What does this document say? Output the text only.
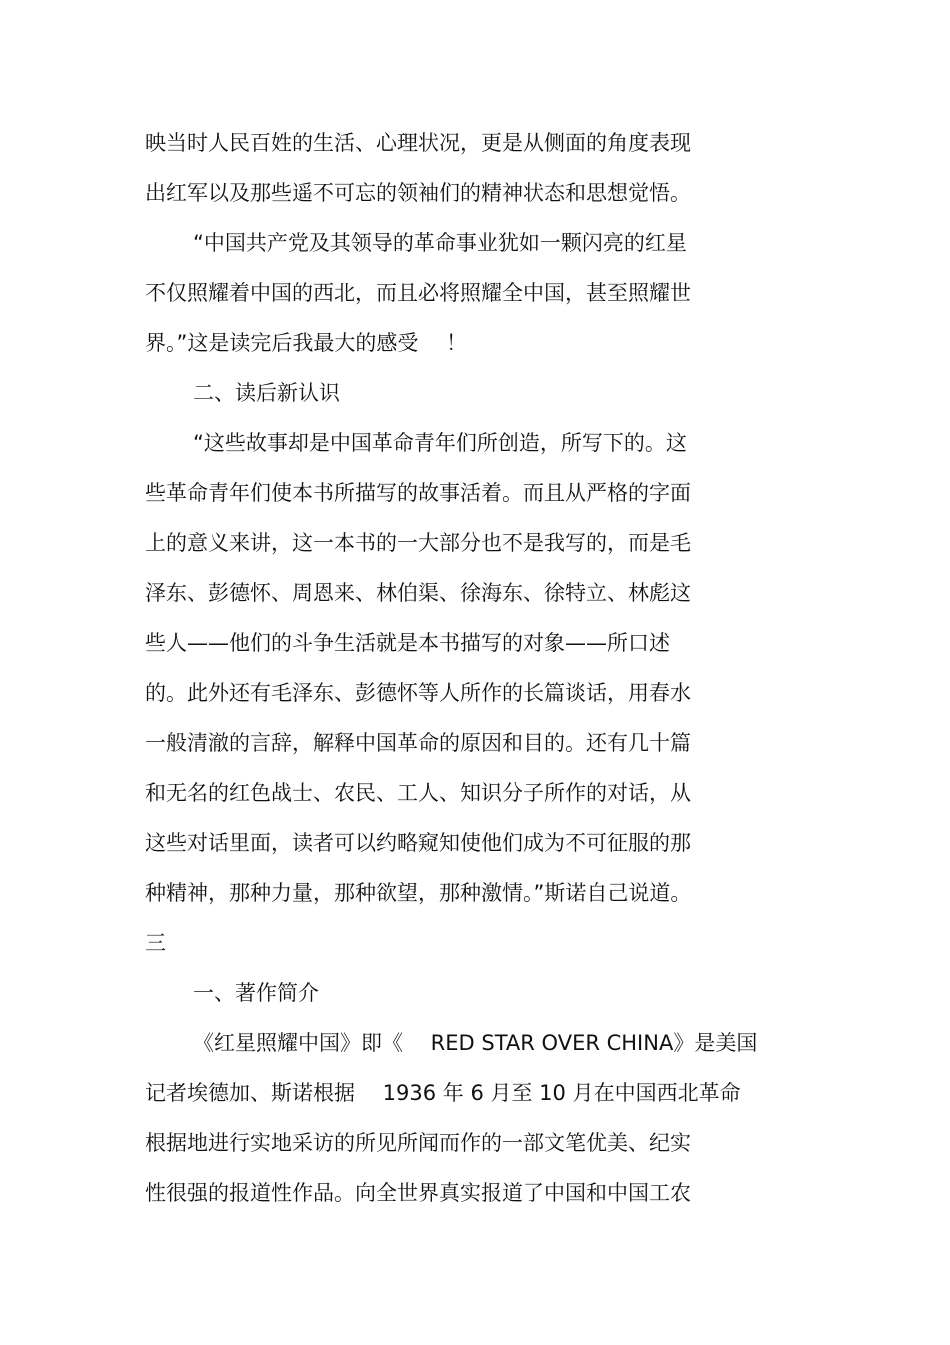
映当时人民百姓的生活、心理状况，更是从侧面的角度表现
出红军以及那些遥不可忘的领袖们的精神状态和思想觉悟。
“中国共产党及其领导的革命事业犹如一颗闪亮的红星
不仅照耀着中国的西北，而且必将照耀全中国，甚至照耀世
界。”这是读完后我最大的感受　 ！
二、读后新认识
“这些故事却是中国革命青年们所创造，所写下的。这
些革命青年们使本书所描写的故事活着。而且从严格的字面
上的意义来讲，这一本书的一大部分也不是我写的，而是毛
泽东、彭德怀、周恩来、林伯渠、徐海东、徐特立、林彪这
些人——他们的斗争生活就是本书描写的对象——所口述
的。此外还有毛泽东、彭德怀等人所作的长篇谈话，用春水
一般清澈的言辞，解释中国革命的原因和目的。还有几十篇
和无名的红色战士、农民、工人、知识分子所作的对话，从
这些对话里面，读者可以约略窥知使他们成为不可征服的那
种精神，那种力量，那种欲望，那种激情。”斯诺自己说道。
三
一、著作简介
《红星照耀中国》即《　 RED STAR OVER CHINA》是美国
记者埃德加、斯诺根据　 1936 年 6 月至 10 月在中国西北革命
根据地进行实地采访的所见所闻而作的一部文笔优美、纪实
性很强的报道性作品。向全世界真实报道了中国和中国工农
